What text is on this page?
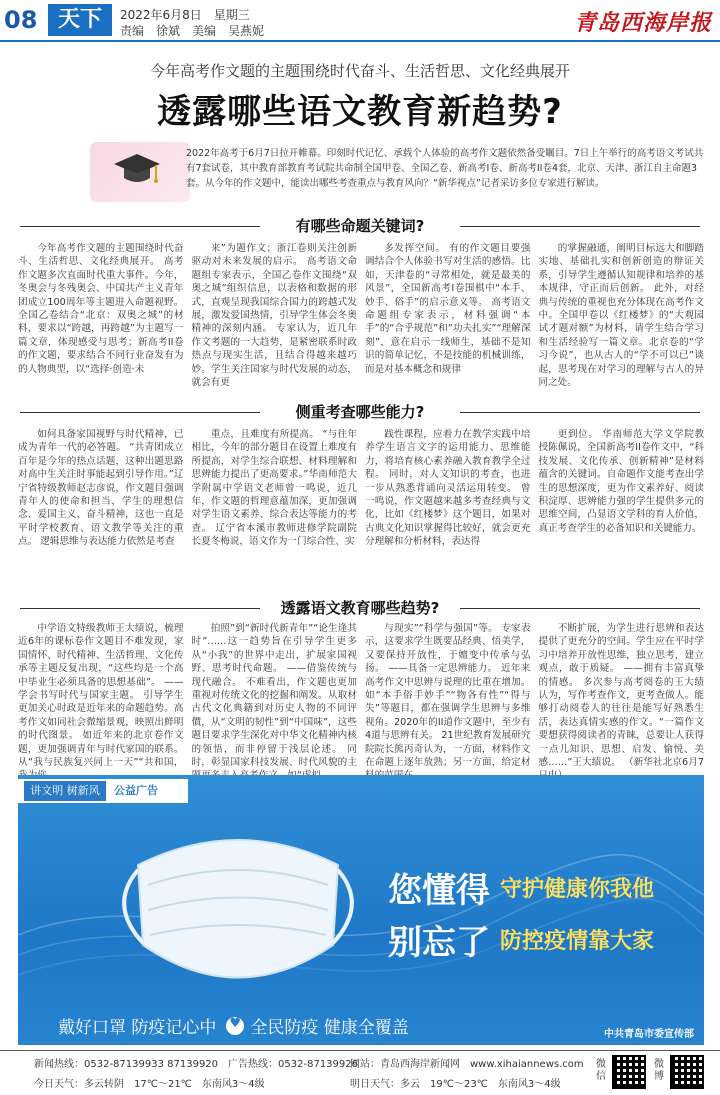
08 天下	2022年6月8日　星期三
责编　徐斌　美编　吴燕妮	青岛西海岸报
今年高考作文题的主题围绕时代奋斗、生活哲思、文化经典展开
透露哪些语文教育新趋势?
2022年高考于6月7日拉开帷幕。印刻时代记忆、承载个人体验的高考作文题依然备受瞩目。7日上午举行的高考语文考试共有7套试卷，其中教育部教育考试院共命制全国甲卷、全国乙卷、新高考I卷、新高考II卷4套，北京、天津、浙江自主命题3套。从今年的作文题中，能读出哪些考查重点与教育风向？“新华视点”记者采访多位专家进行解读。
有哪些命题关键词?

今年高考作文题的主题围绕时代奋斗、生活哲思、文化经典展开。 高考作文题多次直面时代重大事件。今年，冬奥会与冬残奥会、中国共产主义青年团成立100周年等主题进入命题视野。 全国乙卷结合“北京：双奥之城”的材料，要求以“跨越，再跨越”为主题写一篇文章，体现感受与思考；新高考II卷的作文题，要求结合不同行业奋发有为的人物典型，以“选择·创造·未

来”为题作文；浙江卷则关注创新驱动对未来发展的启示。 高考语文命题组专家表示，全国乙卷作文围绕“双奥之城”组织信息，以表格和数据的形式，直观呈现我国综合国力的跨越式发展，激发爱国热情，引导学生体会冬奥精神的深刻内涵。 专家认为，近几年作文考题的一大趋势，是紧密联系时政热点与现实生活，且结合得越来越巧妙。学生关注国家与时代发展的动态，就会有更

多发挥空间。 有的作文题目要强调结合个人体验书写对生活的感悟。比如，天津卷的“寻常相处，就是最美的风景”，全国新高考I卷围棋中“本手、妙手、俗手”的启示意义等。 高考语文命题组专家表示，材料强调“本手”的“合乎规范”和“功夫扎实”“理解深刻”，意在启示一线师生，基础不是知识的简单记忆，不是技能的机械训练，而是对基本概念和规律

的掌握融通，阐明目标远大和脚踏实地、基础扎实和创新创造的辩证关系，引导学生遵循认知规律和培养的基本规律，守正而后创新。 此外，对经典与传统的重视也充分体现在高考作文中。全国甲卷以《红楼梦》的“大观园试才题对额”为材料，请学生结合学习和生活经验写一篇文章。北京卷的“学习今说”，也从古人的“学不可以已”谈起，思考现在对学习的理解与古人的异同之处。

侧重考查哪些能力?

如何具备家国视野与时代精神，已成为青年一代的必答题。 “共青团成立百年是今年的热点话题，这种出题思路对高中生关注时事能起到引导作用。”辽宁省特级教师赵志彦说，作文题目强调青年人的使命和担当，学生的理想信念、爱国主义、奋斗精神，这也一直是平时学校教育、语文教学等关注的重点。 逻辑思维与表达能力依然是考查

重点，且难度有所提高。 “与往年相比，今年的部分题目在设置上难度有所提高，对学生综合联想、材料理解和思辨能力提出了更高要求。”华南师范大学附属中学语文老师曾一鸣说，近几年，作文题的哲理意蕴加深，更加强调对学生语文素养、综合表达等能力的考查。 辽宁省本溪市教师进修学院副院长夏冬梅说，语文作为一门综合性、实

践性课程，应着力在教学实践中培养学生语言文字的运用能力、思维能力，将培育核心素养融入教育教学全过程。 同时，对人文知识的考查，也进一步从熟悉背诵向灵活运用转变。 曾一鸣说，作文题越来越多考查经典与文化，比如《红楼梦》这个题目，如果对古典文化知识掌握得比较好，就会更充分理解和分析材料，表达得

更到位。 华南师范大学文学院教授陈佩说，全国新高考II卷作文中，“科技发展、文化传承、创新精神”是材料蕴含的关键词。自命题作文能考查出学生的思想深度，更为作文素养好、阅读积淀厚、思辨能力强的学生提供多元的思维空间，凸显语文学科的育人价值，真正考查学生的必备知识和关键能力。

透露语文教育哪些趋势?

中学语文特级教师王大绩说，梳理近6年的课标卷作文题目不难发现，家国情怀、时代精神、生活哲理、文化传承等主题反复出现，“这些均是一个高中毕业生必须具备的思想基础”。 ——学会书写时代与国家主题。 引导学生更加关心时政是近年来的命题趋势。高考作文如同社会微缩景观，映照出鲜明的时代图景。 如近年来的北京卷作文题，更加强调青年与时代家国的联系。从“我与民族复兴同上一天”“共和国，

拍照”到“新时代新青年”“论生逢其时”……这一趋势旨在引导学生更多从“小我”的世界中走出，扩展家国视野、思考时代命题。 ——借鉴传统与现代融合。 不难看出，作文题也更加重视对传统文化的挖掘和阐发。从取材古代文化典籍到对历史人物的不同评價，从“文明的韧性”到“中国味”，这些题目要求学生深化对中华文化精神内核的领悟，而非停留于浅层论述。 同时，彰显国家科技发展、时代风貌的主

与现实”“科学与强国”等。 专家表示，这要求学生既要品经典、悟美学，又要保持开放性，于嬗变中传承与弘扬。 ——具备一定思辨能力。 近年来高考作文中思辨与说理的比重在增加。如“本手俗手妙手”“物各有性”“得与失”等题目，都在强调学生思辨与多维视角。2020年的II道作文题中，至少有4道与思辨有关。 21世纪教育发展研究院院长熊丙奇认为，一方面，材料作文在命题上逐年放熟；另一方面，给定材

不断扩展，为学生进行思辨和表达提供了更充分的空间。学生应在平时学习中培养开放性思维，独立思考，建立观点，敢于质疑。 ——拥有丰富真挚的情感。 多次参与高考阅卷的王大绩认为，写作考查作文，更考查做人。能够打动阅卷人的往往是能写好熟悉生活，表达真情实感的作文。“一篇作文要想获得阅读者的青睐，总要让人获得一点儿知识、思想、启发、愉悦、美感……”王大绩说。 （新华社北京6月7

讲文明 树新风	公益广告
您懂得 守护健康你我他
别忘了 防控疫情靠大家
戴好口罩 防疫记心中♥ 全民防疫 健康全覆盖	中共青岛市委宣传部
新闻热线：0532-87139933 87139920　广告热线：0532-87139926
网站：青岛西海岸新闻网　www.xihaiannews.com
今日天气：多云转阴　17℃～21℃　东南风3～4级	明日天气：多云　19℃～23℃　东南风3～4级
微信
微博
